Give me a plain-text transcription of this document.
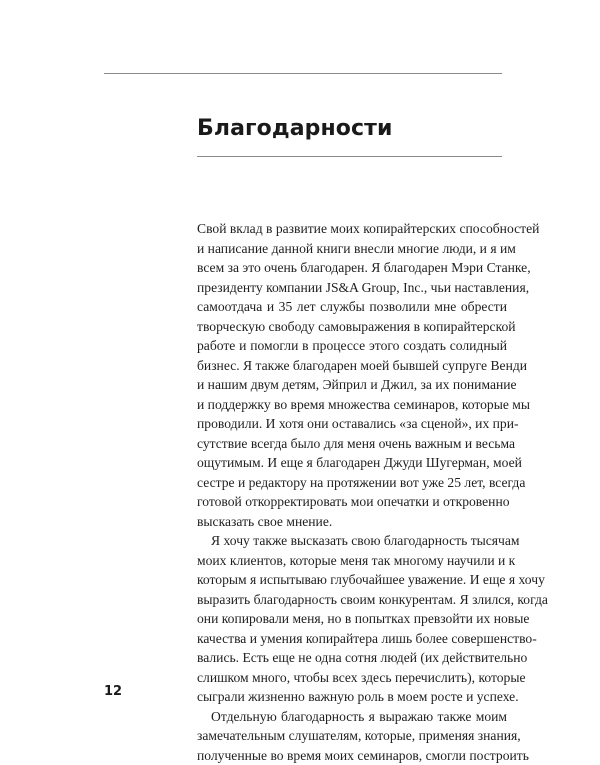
Благодарности
Свой вклад в развитие моих копирайтерских способностей
и написание данной книги внесли многие люди, и я им
всем за это очень благодарен. Я благодарен Мэри Станке,
президенту компании JS&A Group, Inc., чьи наставления,
самоотдача и 35 лет службы позволили мне обрести
творческую свободу самовыражения в копирайтерской
работе и помогли в процессе этого создать солидный
бизнес. Я также благодарен моей бывшей супруге Венди
и нашим двум детям, Эйприл и Джил, за их понимание
и поддержку во время множества семинаров, которые мы
проводили. И хотя они оставались «за сценой», их при-
сутствие всегда было для меня очень важным и весьма
ощутимым. И еще я благодарен Джуди Шугерман, моей
сестре и редактору на протяжении вот уже 25 лет, всегда
готовой откорректировать мои опечатки и откровенно
высказать свое мнение.
Я хочу также высказать свою благодарность тысячам
моих клиентов, которые меня так многому научили и к
которым я испытываю глубочайшее уважение. И еще я хочу
выразить благодарность своим конкурентам. Я злился, когда
они копировали меня, но в попытках превзойти их новые
качества и умения копирайтера лишь более совершенство-
вались. Есть еще не одна сотня людей (их действительно
слишком много, чтобы всех здесь перечислить), которые
сыграли жизненно важную роль в моем росте и успехе.
Отдельную благодарность я выражаю также моим
замечательным слушателям, которые, применяя знания,
полученные во время моих семинаров, смогли построить

12
